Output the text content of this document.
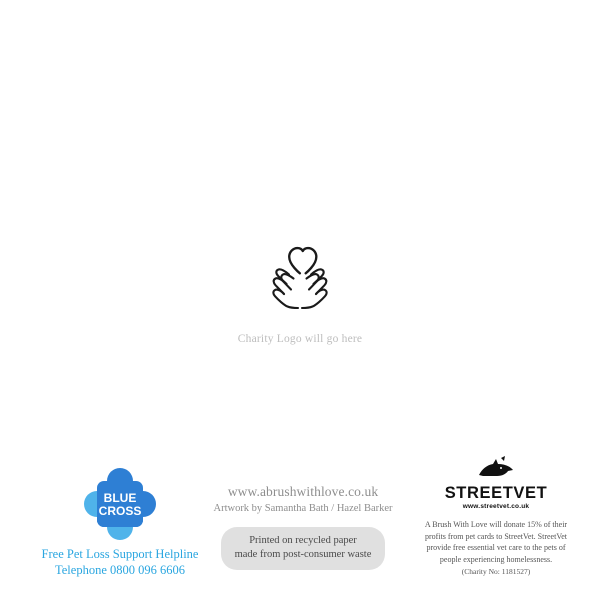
Charity Logo will go here
BLUE
CROSS
Free Pet Loss Support Helpline
Telephone 0800 096 6606
www.abrushwithlove.co.uk
Artwork by Samantha Bath / Hazel Barker
Printed on recycled paper
made from post-consumer waste
STREETVET
www.streetvet.co.uk
A Brush With Love will donate 15% of their
profits from pet cards to StreetVet. StreetVet
provide free essential vet care to the pets of
people experiencing homelessness.
(Charity No: 1181527)
